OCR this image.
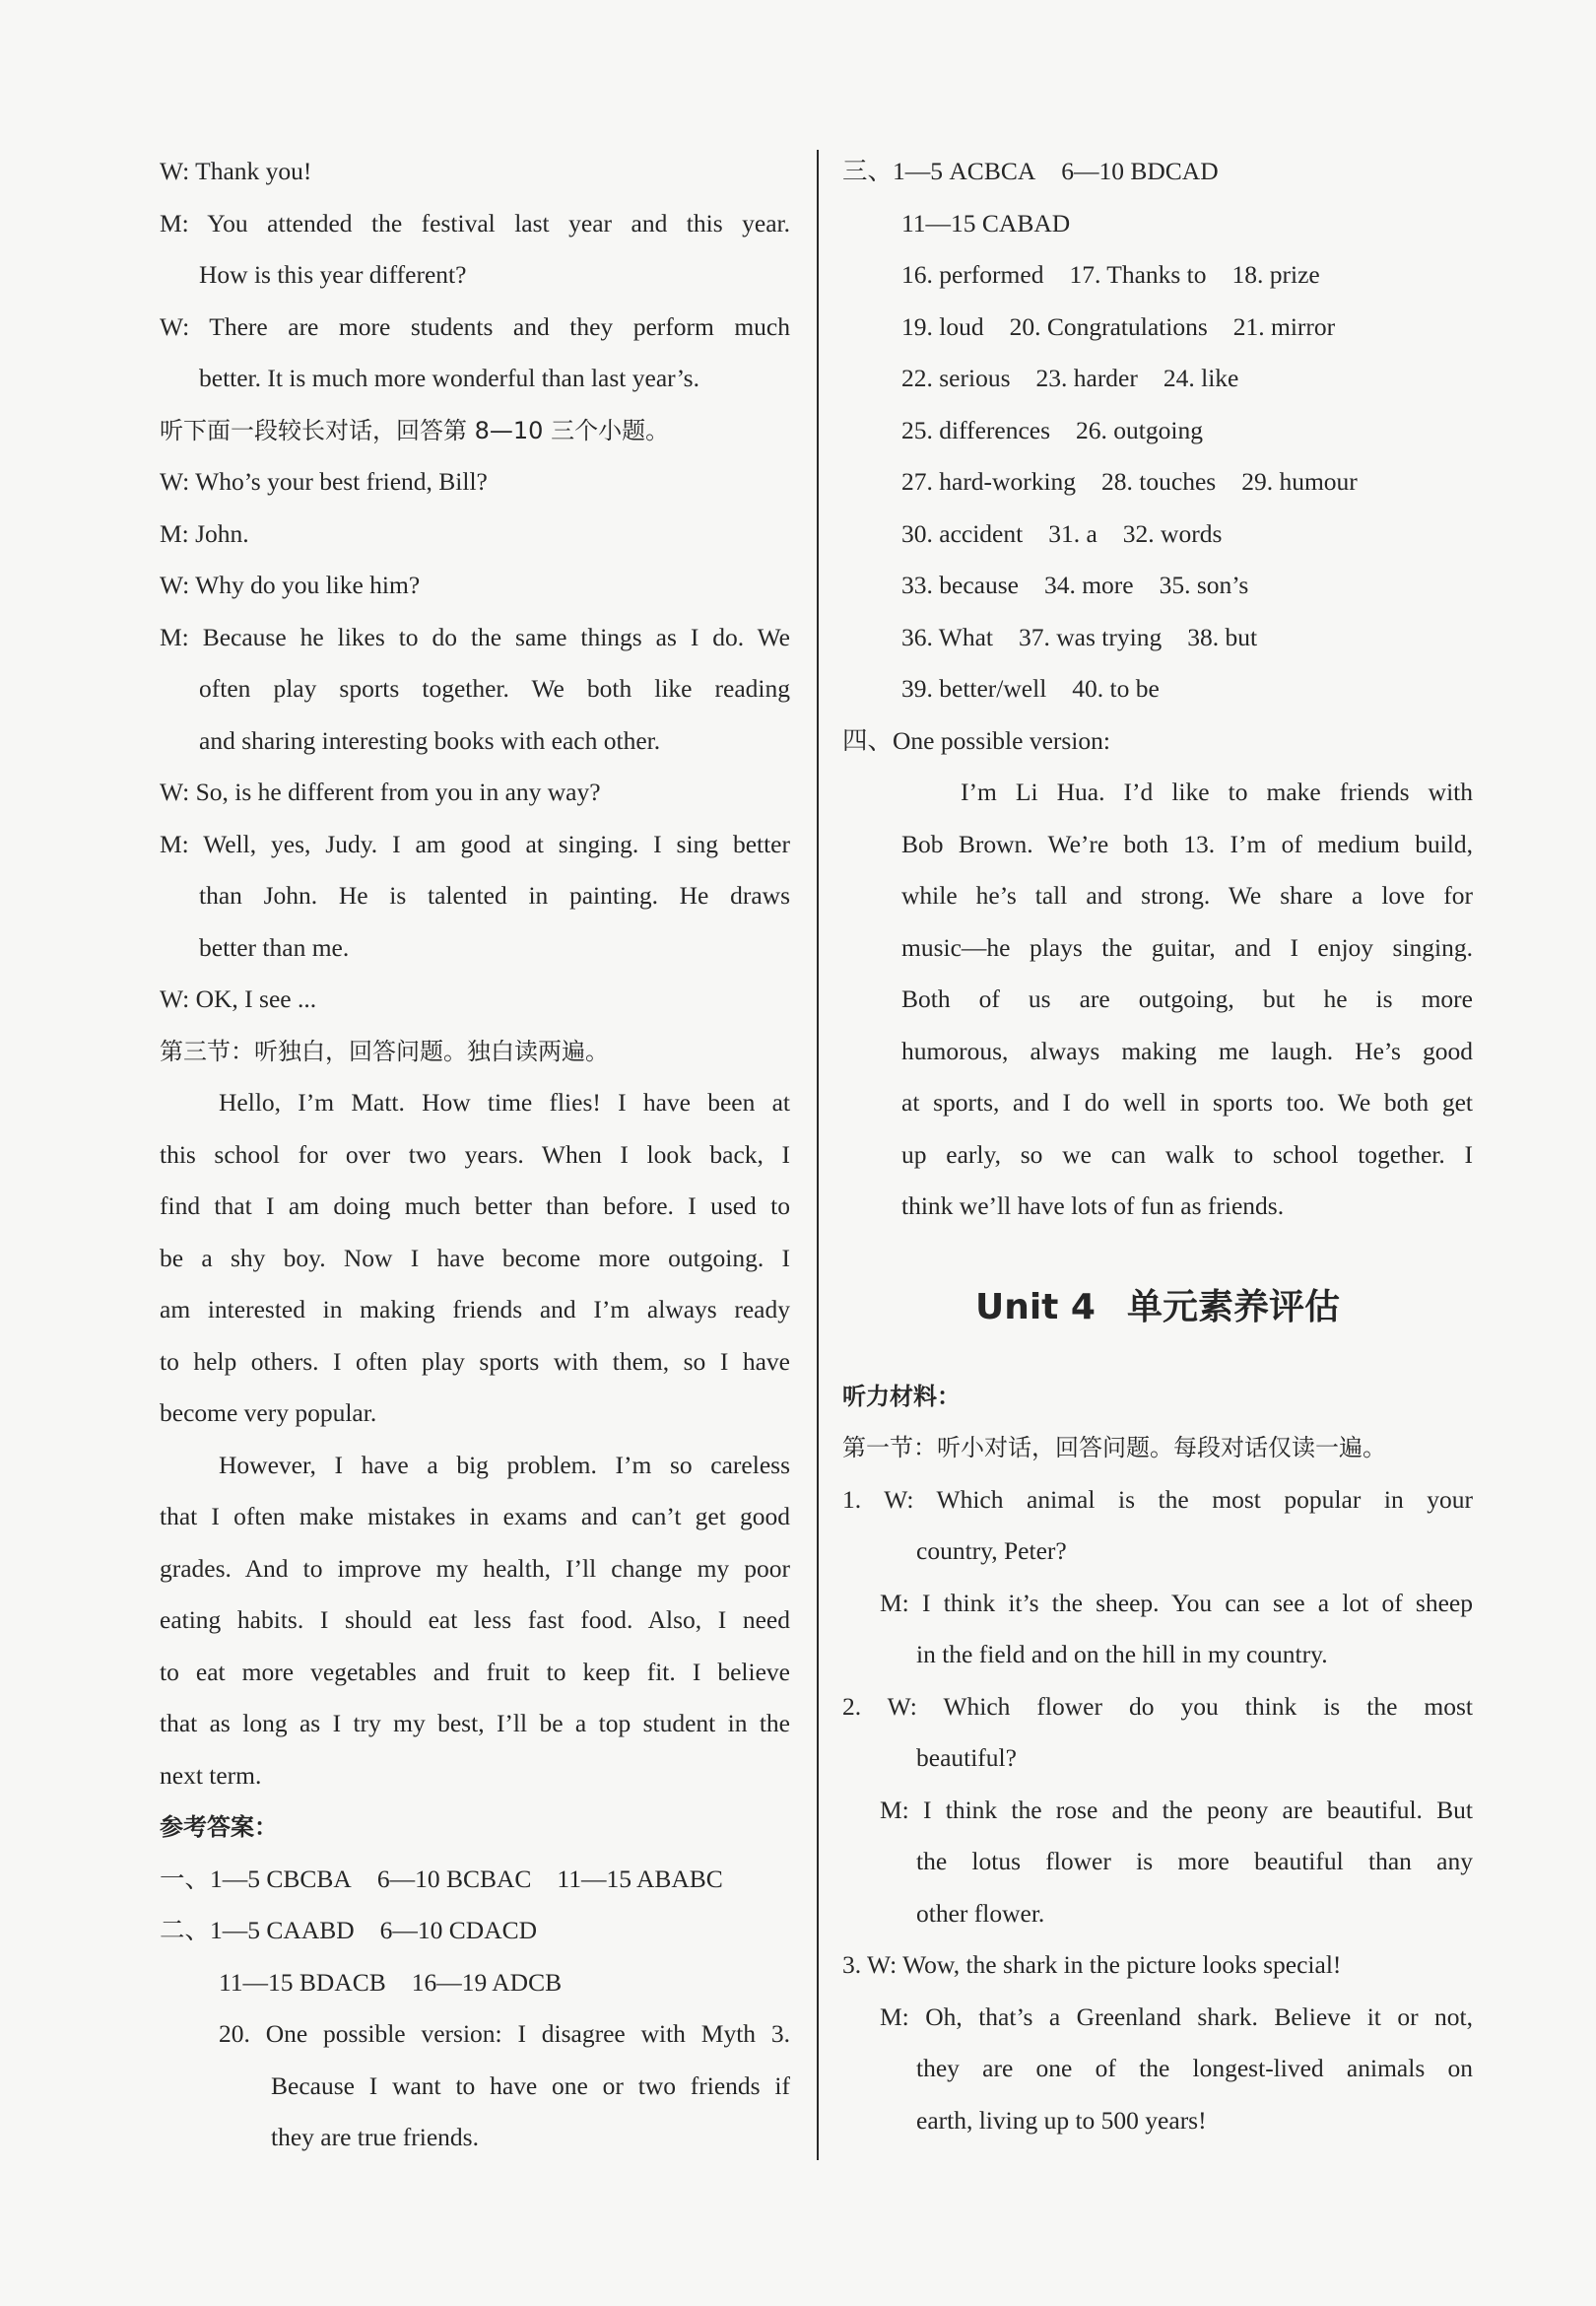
W: Thank you!
M: You attended the festival last year and this year.
How is this year different?
W: There are more students and they perform much
better. It is much more wonderful than last year’s.
听下面一段较长对话，回答第 8—10 三个小题。
W: Who’s your best friend, Bill?
M: John.
W: Why do you like him?
M: Because he likes to do the same things as I do. We
often play sports together. We both like reading
and sharing interesting books with each other.
W: So, is he different from you in any way?
M: Well, yes, Judy. I am good at singing. I sing better
than John. He is talented in painting. He draws
better than me.
W: OK, I see ...
第三节：听独白，回答问题。独白读两遍。
Hello, I’m Matt. How time flies! I have been at
this school for over two years. When I look back, I
find that I am doing much better than before. I used to
be a shy boy. Now I have become more outgoing. I
am interested in making friends and I’m always ready
to help others. I often play sports with them, so I have
become very popular.
However, I have a big problem. I’m so careless
that I often make mistakes in exams and can’t get good
grades. And to improve my health, I’ll change my poor
eating habits. I should eat less fast food. Also, I need
to eat more vegetables and fruit to keep fit. I believe
that as long as I try my best, I’ll be a top student in the
next term.
参考答案：
一、1—5 CBCBA 6—10 BCBAC 11—15 ABABC
二、1—5 CAABD 6—10 CDACD
11—15 BDACB 16—19 ADCB
20. One possible version: I disagree with Myth 3.
Because I want to have one or two friends if
they are true friends.
三、1—5 ACBCA 6—10 BDCAD
11—15 CABAD
16. performed 17. Thanks to 18. prize
19. loud 20. Congratulations 21. mirror
22. serious 23. harder 24. like
25. differences 26. outgoing
27. hard-working 28. touches 29. humour
30. accident 31. a 32. words
33. because 34. more 35. son’s
36. What 37. was trying 38. but
39. better/well 40. to be
四、One possible version:
I’m Li Hua. I’d like to make friends with
Bob Brown. We’re both 13. I’m of medium build,
while he’s tall and strong. We share a love for
music—he plays the guitar, and I enjoy singing.
Both of us are outgoing, but he is more
humorous, always making me laugh. He’s good
at sports, and I do well in sports too. We both get
up early, so we can walk to school together. I
think we’ll have lots of fun as friends.
Unit 4 单元素养评估
听力材料：
第一节：听小对话，回答问题。每段对话仅读一遍。
1. W: Which animal is the most popular in your
country, Peter?
M: I think it’s the sheep. You can see a lot of sheep
in the field and on the hill in my country.
2. W: Which flower do you think is the most
beautiful?
M: I think the rose and the peony are beautiful. But
the lotus flower is more beautiful than any
other flower.
3. W: Wow, the shark in the picture looks special!
M: Oh, that’s a Greenland shark. Believe it or not,
they are one of the longest-lived animals on
earth, living up to 500 years!
